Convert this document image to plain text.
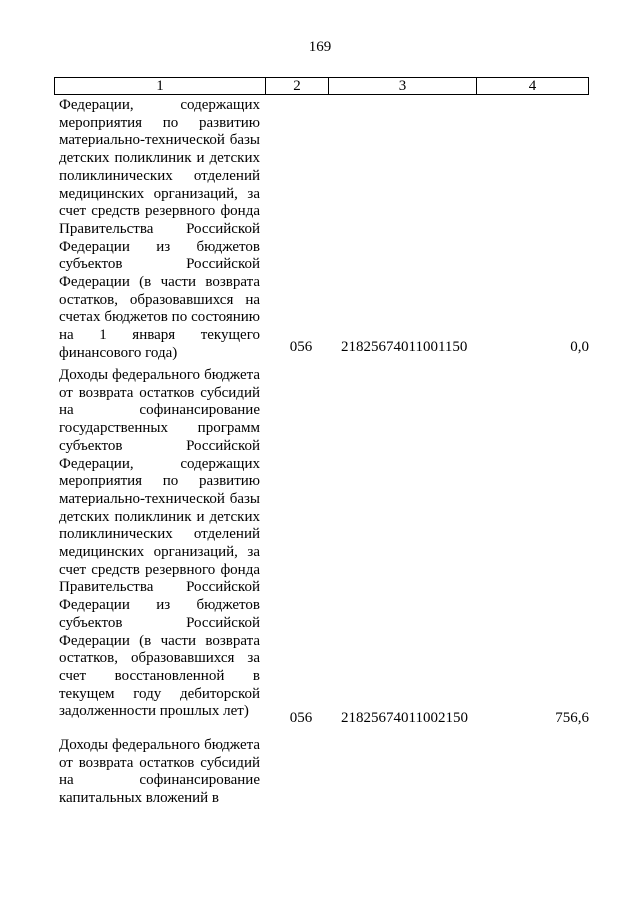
169
1	2	3	4
Федерации, содержащих мероприятия по развитию материально-технической базы детских поликлиник и детских поликлинических отделений медицинских организаций, за счет средств резервного фонда Правительства Российской Федерации из бюджетов субъектов Российской Федерации (в части возврата остатков, образовавшихся на счетах бюджетов по состоянию на 1 января текущего финансового года)	056 21825674011001150	0,0
Доходы федерального бюджета от возврата остатков субсидий на софинансирование государственных программ субъектов Российской Федерации, содержащих мероприятия по развитию материально-технической базы детских поликлиник и детских поликлинических отделений медицинских организаций, за счет средств резервного фонда Правительства Российской Федерации из бюджетов субъектов Российской Федерации (в части возврата остатков, образовавшихся за счет восстановленной в текущем году дебиторской задолженности прошлых лет)	056 21825674011002150	756,6
Доходы федерального бюджета от возврата остатков субсидий на софинансирование капитальных вложений в
